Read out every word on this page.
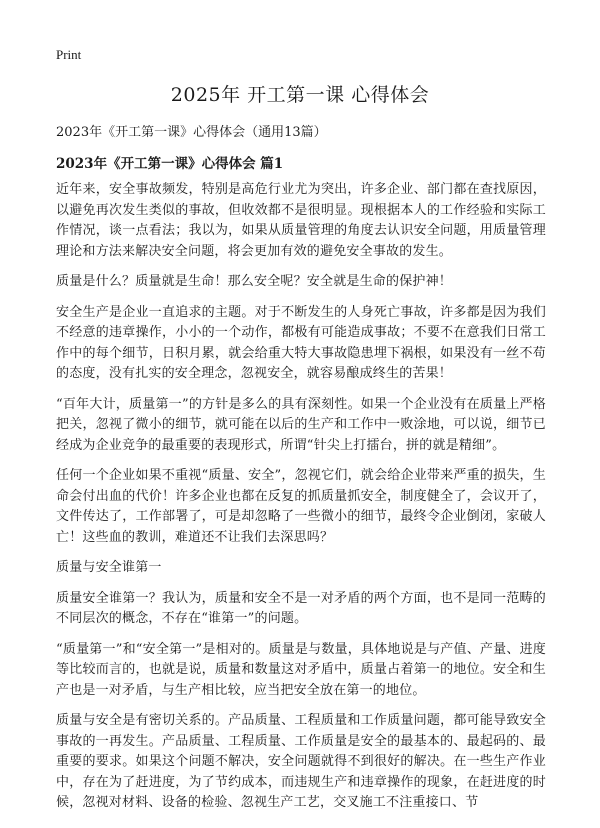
Print
2025年 开工第一课 心得体会

2023年《开工第一课》心得体会（通用13篇）

2023年《开工第一课》心得体会 篇1

近年来，安全事故频发，特别是高危行业尤为突出，许多企业、部门都在查找原因，以避免再次发生类似的事故，但收效都不是很明显。现根据本人的工作经验和实际工作情况，谈一点看法；我以为，如果从质量管理的角度去认识安全问题，用质量管理理论和方法来解决安全问题，将会更加有效的避免安全事故的发生。

质量是什么？质量就是生命！那么安全呢？安全就是生命的保护神！

安全生产是企业一直追求的主题。对于不断发生的人身死亡事故，许多都是因为我们不经意的违章操作，小小的一个动作，都极有可能造成事故；不要不在意我们日常工作中的每个细节，日积月累，就会给重大特大事故隐患埋下祸根，如果没有一丝不苟的态度，没有扎实的安全理念，忽视安全，就容易酿成终生的苦果！

“百年大计，质量第一”的方针是多么的具有深刻性。如果一个企业没有在质量上严格把关，忽视了微小的细节，就可能在以后的生产和工作中一败涂地，可以说，细节已经成为企业竞争的最重要的表现形式，所谓“针尖上打擂台，拼的就是精细”。

任何一个企业如果不重视“质量、安全”，忽视它们，就会给企业带来严重的损失，生命会付出血的代价！许多企业也都在反复的抓质量抓安全，制度健全了，会议开了，文件传达了，工作部署了，可是却忽略了一些微小的细节，最终令企业倒闭，家破人亡！这些血的教训，难道还不让我们去深思吗？

质量与安全谁第一

质量安全谁第一？我认为，质量和安全不是一对矛盾的两个方面，也不是同一范畴的不同层次的概念，不存在“谁第一”的问题。

“质量第一”和“安全第一”是相对的。质量是与数量，具体地说是与产值、产量、进度等比较而言的，也就是说，质量和数量这对矛盾中，质量占着第一的地位。安全和生产也是一对矛盾，与生产相比较，应当把安全放在第一的地位。

质量与安全是有密切关系的。产品质量、工程质量和工作质量问题，都可能导致安全事故的一再发生。产品质量、工程质量、工作质量是安全的最基本的、最起码的、最重要的要求。如果这个问题不解决，安全问题就得不到很好的解决。在一些生产作业中，存在为了赶进度，为了节约成本，而违规生产和违章操作的现象，在赶进度的时候，忽视对材料、设备的检验、忽视生产工艺，交叉施工不注重接口、节
